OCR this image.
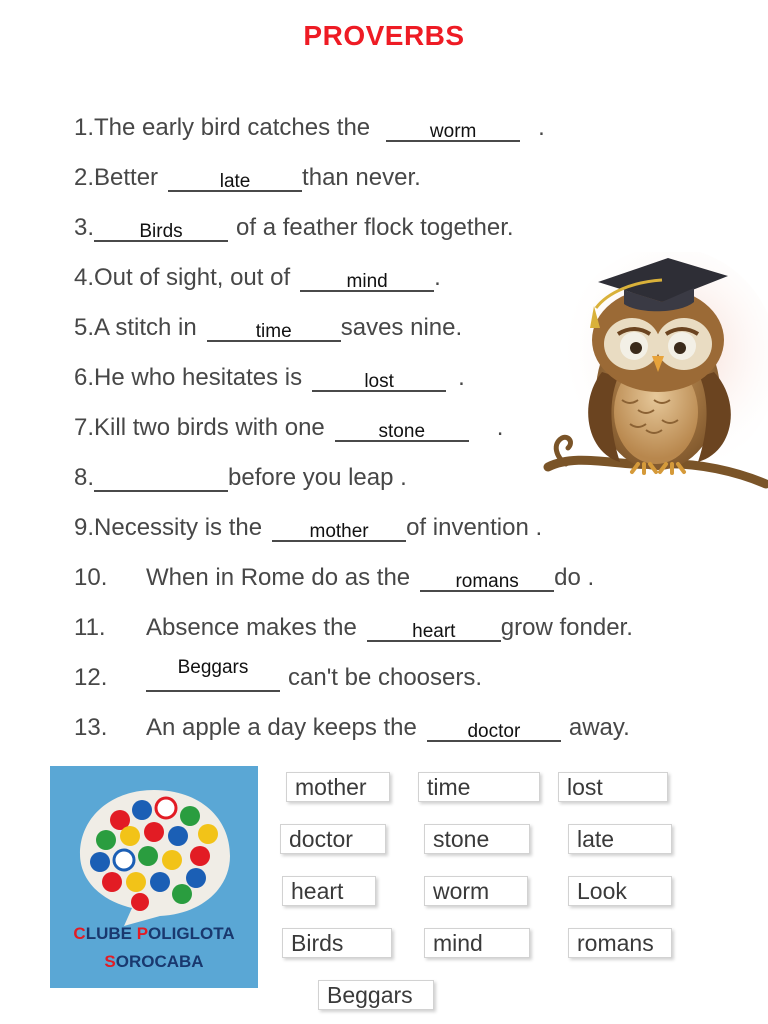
PROVERBS
1. The early bird catches the	worm	.
2. Better	late	than never.
3.	Birds	of a feather flock together.
4. Out of sight, out of	mind	.
5. A stitch in	time	saves nine.
6. He who hesitates is	lost	.
7. Kill two birds with one	stone	.
8.	before you leap .
9. Necessity is the	mother	of invention .
10.	When in Rome do as the	romans	do .
11.	Absence makes the	heart	grow fonder.
12.	Beggars	can't be choosers.
13.	An apple a day keeps the	doctor	away.
CLUBE POLIGLOTA
SOROCABA
mother	time	lost
doctor	stone	late
heart	worm	Look
Birds	mind	romans
Beggars
